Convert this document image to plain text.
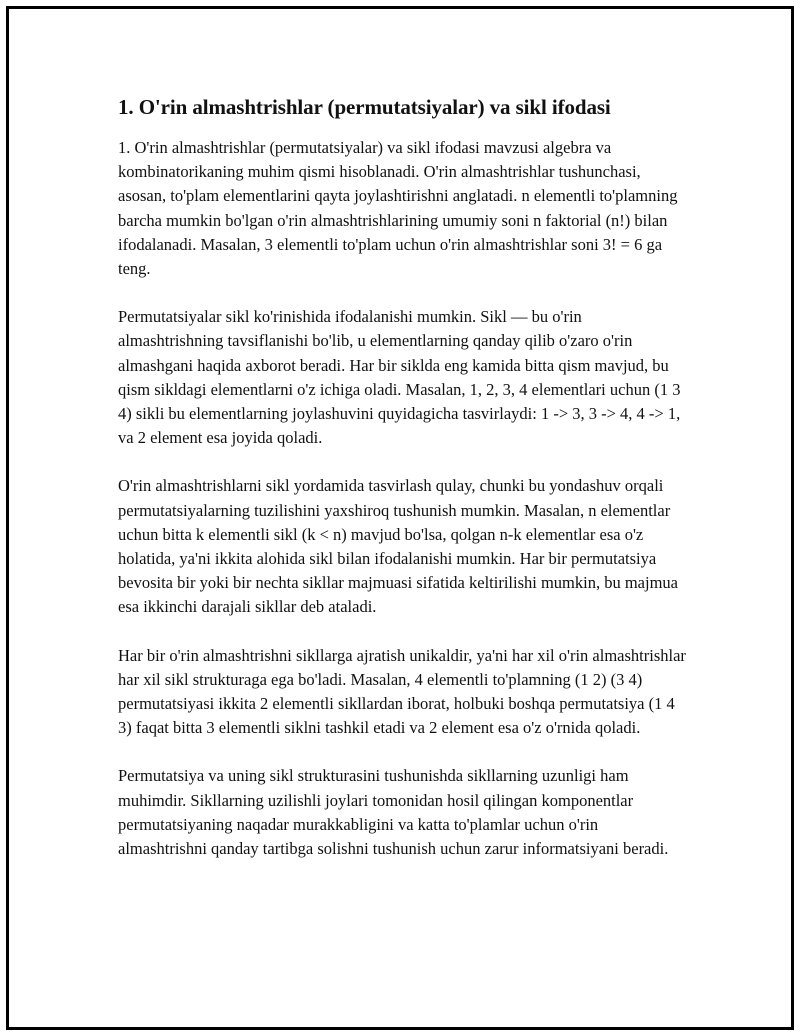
1. O'rin almashtrishlar (permutatsiyalar) va sikl ifodasi

1. O'rin almashtrishlar (permutatsiyalar) va sikl ifodasi mavzusi algebra va kombinatorikaning muhim qismi hisoblanadi. O'rin almashtrishlar tushunchasi, asosan, to'plam elementlarini qayta joylashtirishni anglatadi. n elementli to'plamning barcha mumkin bo'lgan o'rin almashtrishlarining umumiy soni n faktorial (n!) bilan ifodalanadi. Masalan, 3 elementli to'plam uchun o'rin almashtrishlar soni 3! = 6 ga teng.

Permutatsiyalar sikl ko'rinishida ifodalanishi mumkin. Sikl — bu o'rin almashtrishning tavsiflanishi bo'lib, u elementlarning qanday qilib o'zaro o'rin almashgani haqida axborot beradi. Har bir siklda eng kamida bitta qism mavjud, bu qism sikldagi elementlarni o'z ichiga oladi. Masalan, 1, 2, 3, 4 elementlari uchun (1 3 4) sikli bu elementlarning joylashuvini quyidagicha tasvirlaydi: 1 -> 3, 3 -> 4, 4 -> 1, va 2 element esa joyida qoladi.

O'rin almashtrishlarni sikl yordamida tasvirlash qulay, chunki bu yondashuv orqali permutatsiyalarning tuzilishini yaxshiroq tushunish mumkin. Masalan, n elementlar uchun bitta k elementli sikl (k < n) mavjud bo'lsa, qolgan n-k elementlar esa o'z holatida, ya'ni ikkita alohida sikl bilan ifodalanishi mumkin. Har bir permutatsiya bevosita bir yoki bir nechta sikllar majmuasi sifatida keltirilishi mumkin, bu majmua esa ikkinchi darajali sikllar deb ataladi.

Har bir o'rin almashtrishni sikllarga ajratish unikaldir, ya'ni har xil o'rin almashtrishlar har xil sikl strukturaga ega bo'ladi. Masalan, 4 elementli to'plamning (1 2) (3 4) permutatsiyasi ikkita 2 elementli sikllardan iborat, holbuki boshqa permutatsiya (1 4 3) faqat bitta 3 elementli siklni tashkil etadi va 2 element esa o'z o'rnida qoladi.

Permutatsiya va uning sikl strukturasini tushunishda sikllarning uzunligi ham muhimdir. Sikllarning uzilishli joylari tomonidan hosil qilingan komponentlar permutatsiyaning naqadar murakkabligini va katta to'plamlar uchun o'rin almashtrishni qanday tartibga solishni tushunish uchun zarur informatsiyani beradi.
